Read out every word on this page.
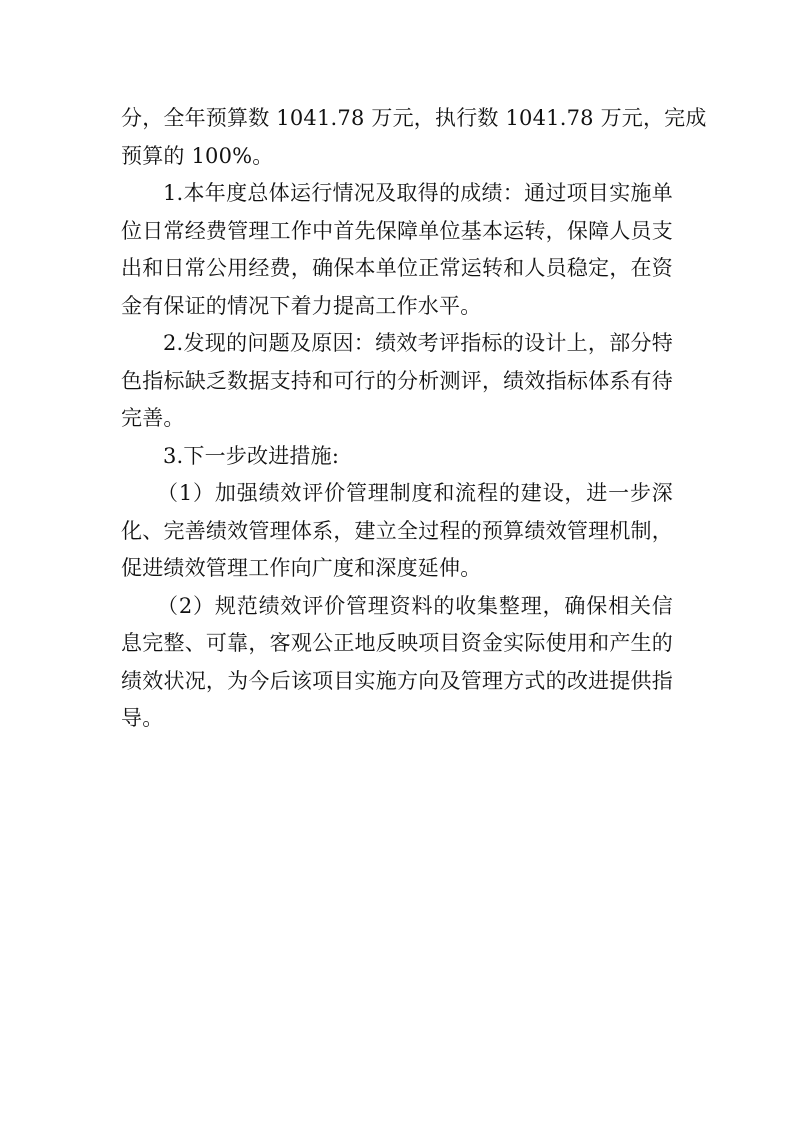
分，全年预算数 1041.78 万元，执行数 1041.78 万元，完成
预算的 100%。
1.本年度总体运行情况及取得的成绩：通过项目实施单
位日常经费管理工作中首先保障单位基本运转，保障人员支
出和日常公用经费，确保本单位正常运转和人员稳定，在资
金有保证的情况下着力提高工作水平。
2.发现的问题及原因：绩效考评指标的设计上，部分特
色指标缺乏数据支持和可行的分析测评，绩效指标体系有待
完善。
3.下一步改进措施:
（1）加强绩效评价管理制度和流程的建设，进一步深
化、完善绩效管理体系，建立全过程的预算绩效管理机制，
促进绩效管理工作向广度和深度延伸。
（2）规范绩效评价管理资料的收集整理，确保相关信
息完整、可靠，客观公正地反映项目资金实际使用和产生的
绩效状况，为今后该项目实施方向及管理方式的改进提供指
导。
